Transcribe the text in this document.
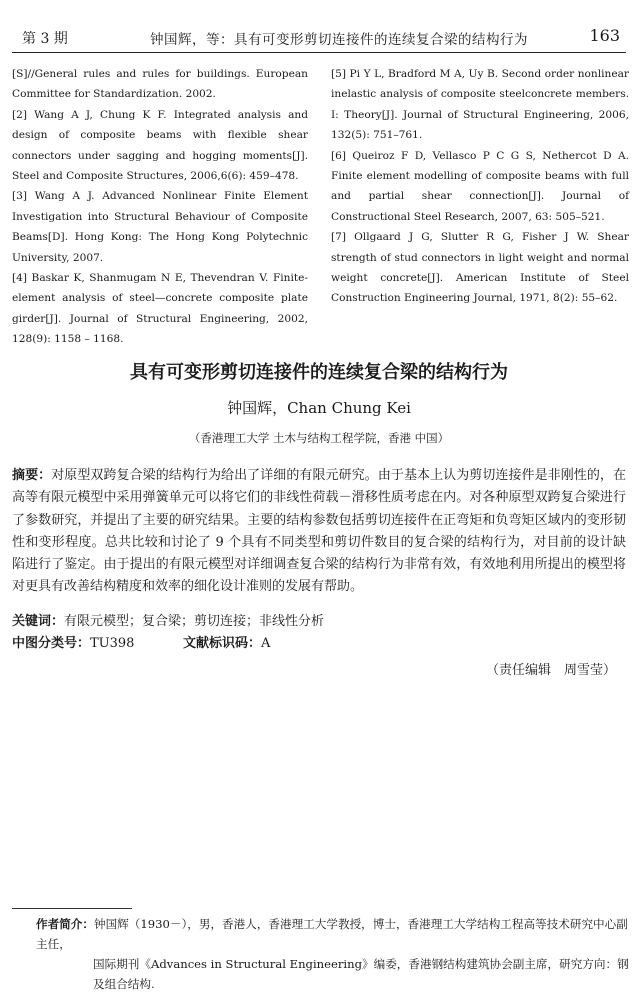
第 3 期	钟国辉，等：具有可变形剪切连接件的连续复合梁的结构行为	163

[S]//General rules and rules for buildings. European Committee for Standardization. 2002.

[2] Wang A J, Chung K F. Integrated analysis and design of composite beams with flexible shear connectors under sagging and hogging moments[J]. Steel and Composite Structures, 2006,6(6): 459–478.

[3] Wang A J. Advanced Nonlinear Finite Element Investigation into Structural Behaviour of Composite Beams[D]. Hong Kong: The Hong Kong Polytechnic University, 2007.

[4] Baskar K, Shanmugam N E, Thevendran V. Finite-element analysis of steel—concrete composite plate girder[J]. Journal of Structural Engineering, 2002, 128(9): 1158 – 1168.

[5] Pi Y L, Bradford M A, Uy B. Second order nonlinear inelastic analysis of composite steelconcrete members. I: Theory[J]. Journal of Structural Engineering, 2006, 132(5): 751–761.

[6] Queiroz F D, Vellasco P C G S, Nethercot D A. Finite element modelling of composite beams with full and partial shear connection[J]. Journal of Constructional Steel Research, 2007, 63: 505–521.

[7] Ollgaard J G, Slutter R G, Fisher J W. Shear strength of stud connectors in light weight and normal weight concrete[J]. American Institute of Steel Construction Engineering Journal, 1971, 8(2): 55–62.

具有可变形剪切连接件的连续复合梁的结构行为
钟国辉，Chan Chung Kei
（香港理工大学 土木与结构工程学院，香港 中国）
摘要：对原型双跨复合梁的结构行为给出了详细的有限元研究。由于基本上认为剪切连接件是非刚性的，在高等有限元模型中采用弹簧单元可以将它们的非线性荷载－滑移性质考虑在内。对各种原型双跨复合梁进行了参数研究，并提出了主要的研究结果。主要的结构参数包括剪切连接件在正弯矩和负弯矩区域内的变形韧性和变形程度。总共比较和讨论了 9 个具有不同类型和剪切件数目的复合梁的结构行为，对目前的设计缺陷进行了鉴定。由于提出的有限元模型对详细调查复合梁的结构行为非常有效，有效地利用所提出的模型将对更具有改善结构精度和效率的细化设计准则的发展有帮助。
关键词：有限元模型；复合梁；剪切连接；非线性分析
中图分类号：TU398	文献标识码：A
（责任编辑　周雪莹）
作者简介：钟国辉（1930－），男，香港人，香港理工大学教授，博士，香港理工大学结构工程高等技术研究中心副主任，
国际期刊《Advances in Structural Engineering》编委，香港钢结构建筑协会副主席，研究方向：钢及组合结构.
